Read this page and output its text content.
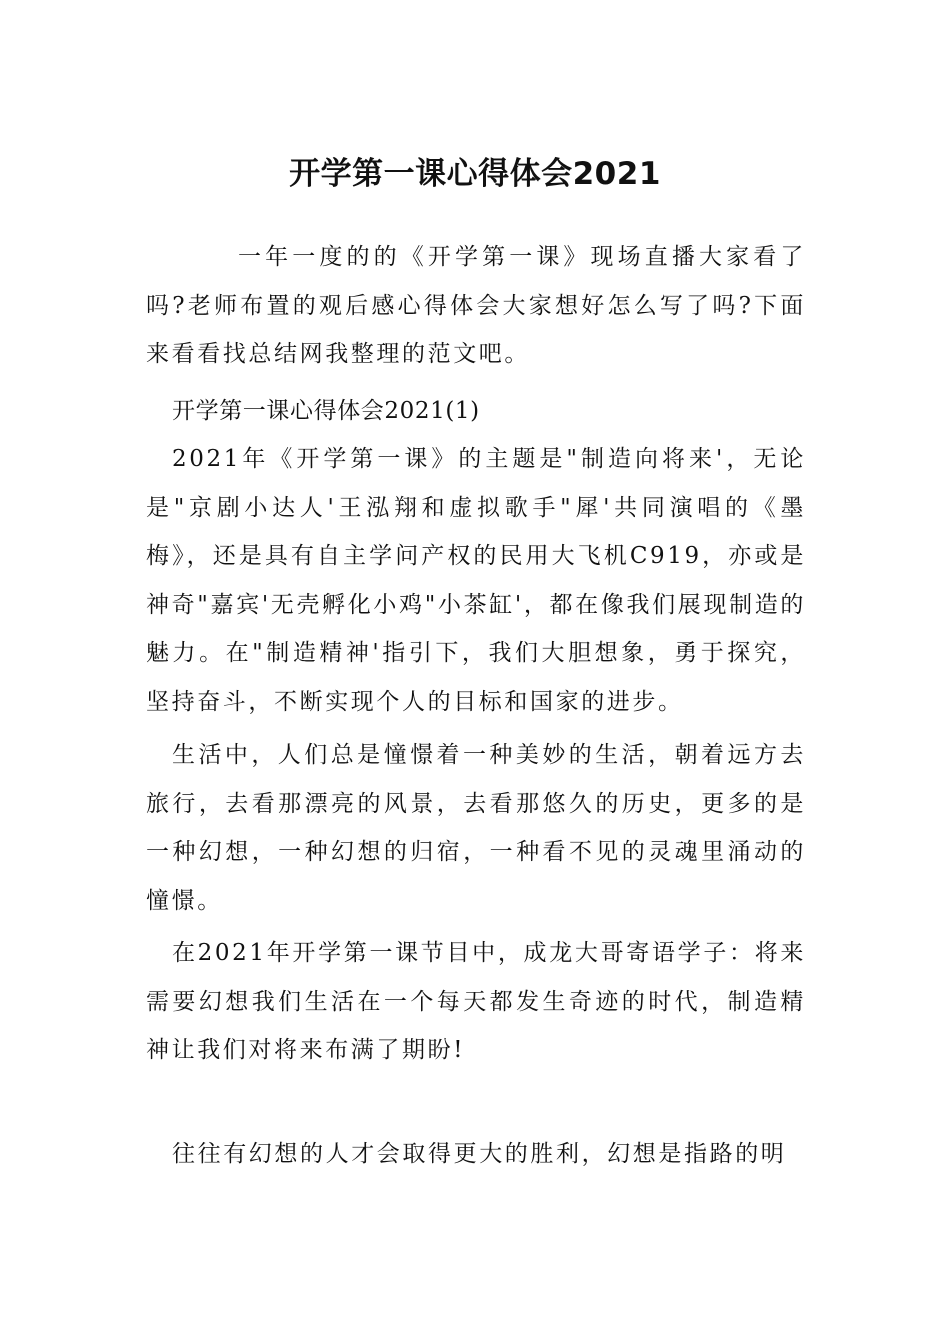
开学第一课心得体会2021

一年一度的的《开学第一课》现场直播大家看了吗?老师布置的观后感心得体会大家想好怎么写了吗?下面来看看找总结网我整理的范文吧。

开学第一课心得体会2021(1)

2021年《开学第一课》的主题是"制造向将来'，无论是"京剧小达人'王泓翔和虚拟歌手"犀'共同演唱的《墨梅》，还是具有自主学问产权的民用大飞机C919，亦或是神奇"嘉宾'无壳孵化小鸡"小茶缸'，都在像我们展现制造的魅力。在"制造精神'指引下，我们大胆想象，勇于探究，坚持奋斗，不断实现个人的目标和国家的进步。

生活中，人们总是憧憬着一种美妙的生活，朝着远方去旅行，去看那漂亮的风景，去看那悠久的历史，更多的是一种幻想，一种幻想的归宿，一种看不见的灵魂里涌动的憧憬。

在2021年开学第一课节目中，成龙大哥寄语学子：将来需要幻想我们生活在一个每天都发生奇迹的时代，制造精神让我们对将来布满了期盼!

往往有幻想的人才会取得更大的胜利，幻想是指路的明
